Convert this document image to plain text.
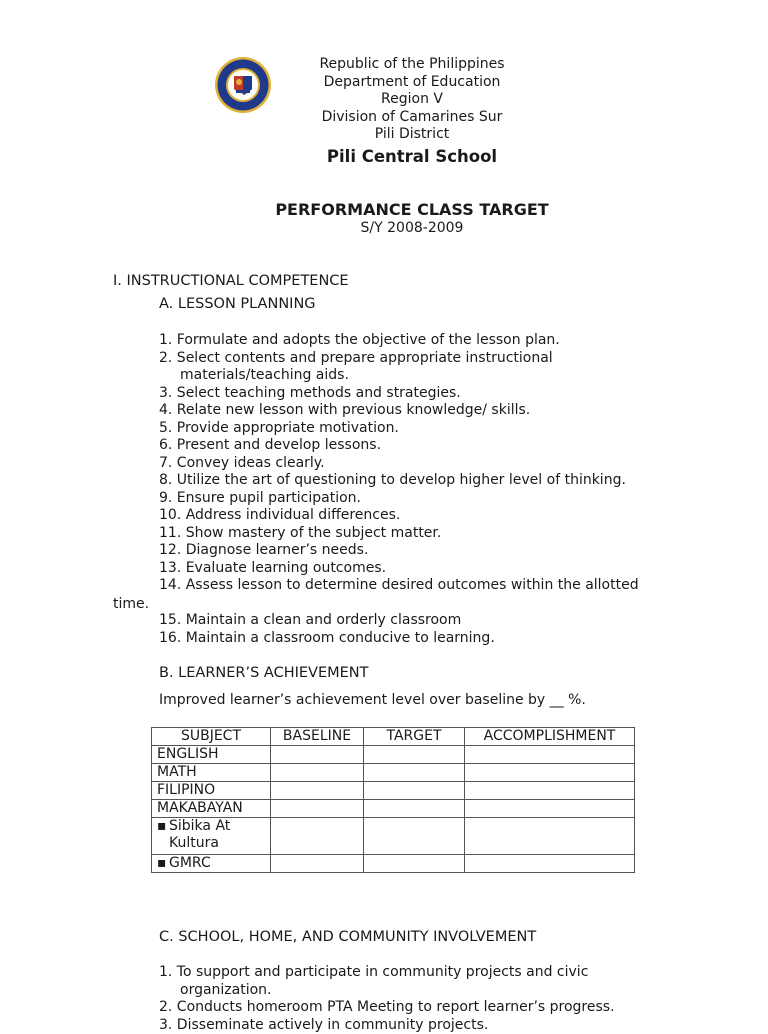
Republic of the Philippines
Department of Education
Region V
Division of Camarines Sur
Pili District
Pili Central School
PERFORMANCE CLASS TARGET
S/Y 2008-2009
I. INSTRUCTIONAL COMPETENCE
A. LESSON PLANNING
1. Formulate and adopts the objective of the lesson plan.
2. Select contents and prepare appropriate instructional
materials/teaching aids.
3. Select teaching methods and strategies.
4. Relate new lesson with previous knowledge/ skills.
5. Provide appropriate motivation.
6. Present and develop lessons.
7. Convey ideas clearly.
8. Utilize the art of questioning to develop higher level of thinking.
9. Ensure pupil participation.
10. Address individual differences.
11. Show mastery of the subject matter.
12. Diagnose learner’s needs.
13. Evaluate learning outcomes.
14. Assess lesson to determine desired outcomes within the allotted
15. Maintain a clean and orderly classroom
16. Maintain a classroom conducive to learning.
time.
B. LEARNER’S ACHIEVEMENT
Improved learner’s achievement level over baseline by __ %.
SUBJECT	BASELINE	TARGET	ACCOMPLISHMENT
ENGLISH			
MATH			
FILIPINO			
MAKABAYAN			
▪ Sibika At
Kultura			
▪ GMRC			
C. SCHOOL, HOME, AND COMMUNITY INVOLVEMENT
1. To support and participate in community projects and civic
organization.
2. Conducts homeroom PTA Meeting to report learner’s progress.
3. Disseminate actively in community projects.
